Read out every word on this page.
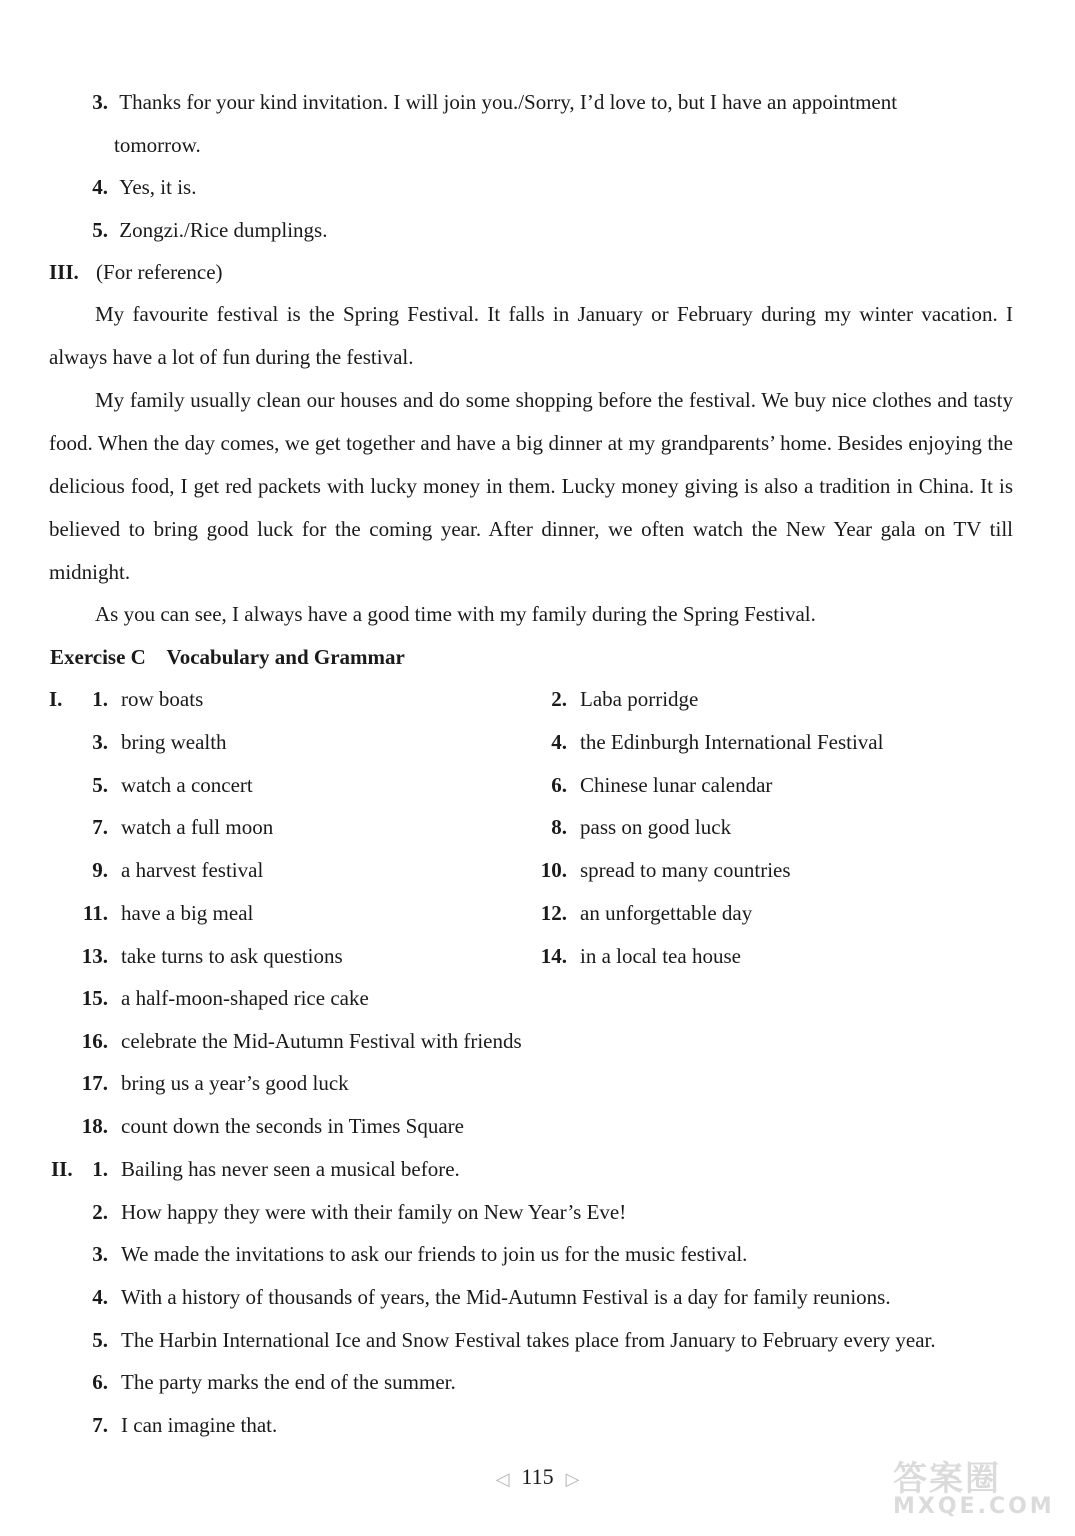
3. Thanks for your kind invitation. I will join you./Sorry, I’d love to, but I have an appointment
tomorrow.
4. Yes, it is.
5. Zongzi./Rice dumplings.
III. (For reference)
My favourite festival is the Spring Festival. It falls in January or February during my winter vacation. I always have a lot of fun during the festival.
My family usually clean our houses and do some shopping before the festival. We buy nice clothes and tasty food. When the day comes, we get together and have a big dinner at my grandparents’ home. Besides enjoying the delicious food, I get red packets with lucky money in them. Lucky money giving is also a tradition in China. It is believed to bring good luck for the coming year. After dinner, we often watch the New Year gala on TV till midnight.
As you can see, I always have a good time with my family during the Spring Festival.
Exercise C    Vocabulary and Grammar
I.	1. row boats	2. Laba porridge
3. bring wealth	4. the Edinburgh International Festival
5. watch a concert	6. Chinese lunar calendar
7. watch a full moon	8. pass on good luck
9. a harvest festival	10. spread to many countries
11. have a big meal	12. an unforgettable day
13. take turns to ask questions	14. in a local tea house
15. a half-moon-shaped rice cake
16. celebrate the Mid-Autumn Festival with friends
17. bring us a year’s good luck
18. count down the seconds in Times Square
II. 1. Bailing has never seen a musical before.
2. How happy they were with their family on New Year’s Eve!
3. We made the invitations to ask our friends to join us for the music festival.
4. With a history of thousands of years, the Mid-Autumn Festival is a day for family reunions.
5. The Harbin International Ice and Snow Festival takes place from January to February every year.
6. The party marks the end of the summer.
7. I can imagine that.
◁ 115 ▷	答案圈
MXQE.COM
